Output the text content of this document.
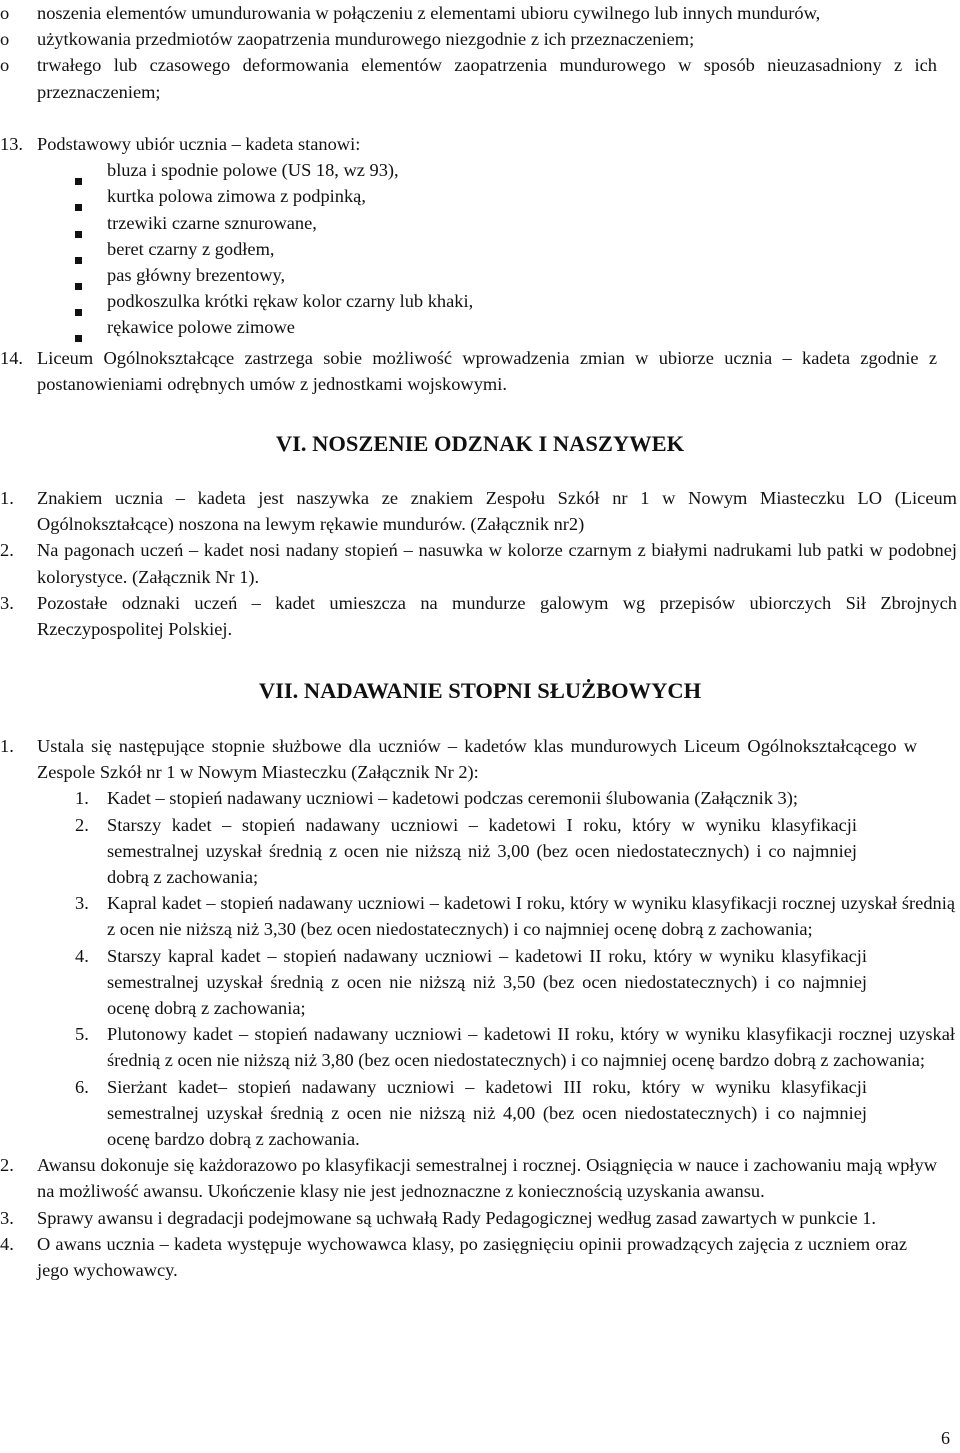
o noszenia elementów umundurowania w połączeniu z elementami ubioru cywilnego lub innych mundurów,
o użytkowania przedmiotów zaopatrzenia mundurowego niezgodnie z ich przeznaczeniem;
o trwałego lub czasowego deformowania elementów zaopatrzenia mundurowego w sposób nieuzasadniony z ich przeznaczeniem;
13. Podstawowy ubiór ucznia – kadeta stanowi:
bluza i spodnie polowe (US 18, wz 93),
kurtka polowa zimowa z podpinką,
trzewiki czarne sznurowane,
beret czarny z godłem,
pas główny brezentowy,
podkoszulka krótki rękaw kolor czarny lub khaki,
rękawice polowe zimowe
14. Liceum Ogólnokształcące zastrzega sobie możliwość wprowadzenia zmian w ubiorze ucznia – kadeta zgodnie z postanowieniami odrębnych umów z jednostkami wojskowymi.
VI. NOSZENIE ODZNAK I NASZYWEK
1. Znakiem ucznia – kadeta jest naszywka ze znakiem Zespołu Szkół nr 1 w Nowym Miasteczku LO (Liceum Ogólnokształcące) noszona na lewym rękawie mundurów. (Załącznik nr2)
2. Na pagonach uczeń – kadet nosi nadany stopień – nasuwka w kolorze czarnym z białymi nadrukami lub patki w podobnej kolorystyce. (Załącznik Nr 1).
3. Pozostałe odznaki uczeń – kadet umieszcza na mundurze galowym wg przepisów ubiorczych Sił Zbrojnych Rzeczypospolitej Polskiej.
VII. NADAWANIE STOPNI SŁUŻBOWYCH
1. Ustala się następujące stopnie służbowe dla uczniów – kadetów klas mundurowych Liceum Ogólnokształcącego w Zespole Szkół nr 1 w Nowym Miasteczku (Załącznik Nr 2):
1. Kadet – stopień nadawany uczniowi – kadetowi podczas ceremonii ślubowania (Załącznik 3);
2. Starszy kadet – stopień nadawany uczniowi – kadetowi I roku, który w wyniku klasyfikacji semestralnej uzyskał średnią z ocen nie niższą niż 3,00 (bez ocen niedostatecznych) i co najmniej dobrą z zachowania;
3. Kapral kadet – stopień nadawany uczniowi – kadetowi I roku, który w wyniku klasyfikacji rocznej uzyskał średnią z ocen nie niższą niż 3,30 (bez ocen niedostatecznych) i co najmniej ocenę dobrą z zachowania;
4. Starszy kapral kadet – stopień nadawany uczniowi – kadetowi II roku, który w wyniku klasyfikacji semestralnej uzyskał średnią z ocen nie niższą niż 3,50 (bez ocen niedostatecznych) i co najmniej ocenę dobrą z zachowania;
5. Plutonowy kadet – stopień nadawany uczniowi – kadetowi II roku, który w wyniku klasyfikacji rocznej uzyskał średnią z ocen nie niższą niż 3,80 (bez ocen niedostatecznych) i co najmniej ocenę bardzo dobrą z zachowania;
6. Sierżant kadet– stopień nadawany uczniowi – kadetowi III roku, który w wyniku klasyfikacji semestralnej uzyskał średnią z ocen nie niższą niż 4,00 (bez ocen niedostatecznych) i co najmniej ocenę bardzo dobrą z zachowania.
2. Awansu dokonuje się każdorazowo po klasyfikacji semestralnej i rocznej. Osiągnięcia w nauce i zachowaniu mają wpływ na możliwość awansu. Ukończenie klasy nie jest jednoznaczne z koniecznością uzyskania awansu.
3. Sprawy awansu i degradacji podejmowane są uchwałą Rady Pedagogicznej według zasad zawartych w punkcie 1.
4. O awans ucznia – kadeta występuje wychowawca klasy, po zasięgnięciu opinii prowadzących zajęcia z uczniem oraz jego wychowawcy.
6
